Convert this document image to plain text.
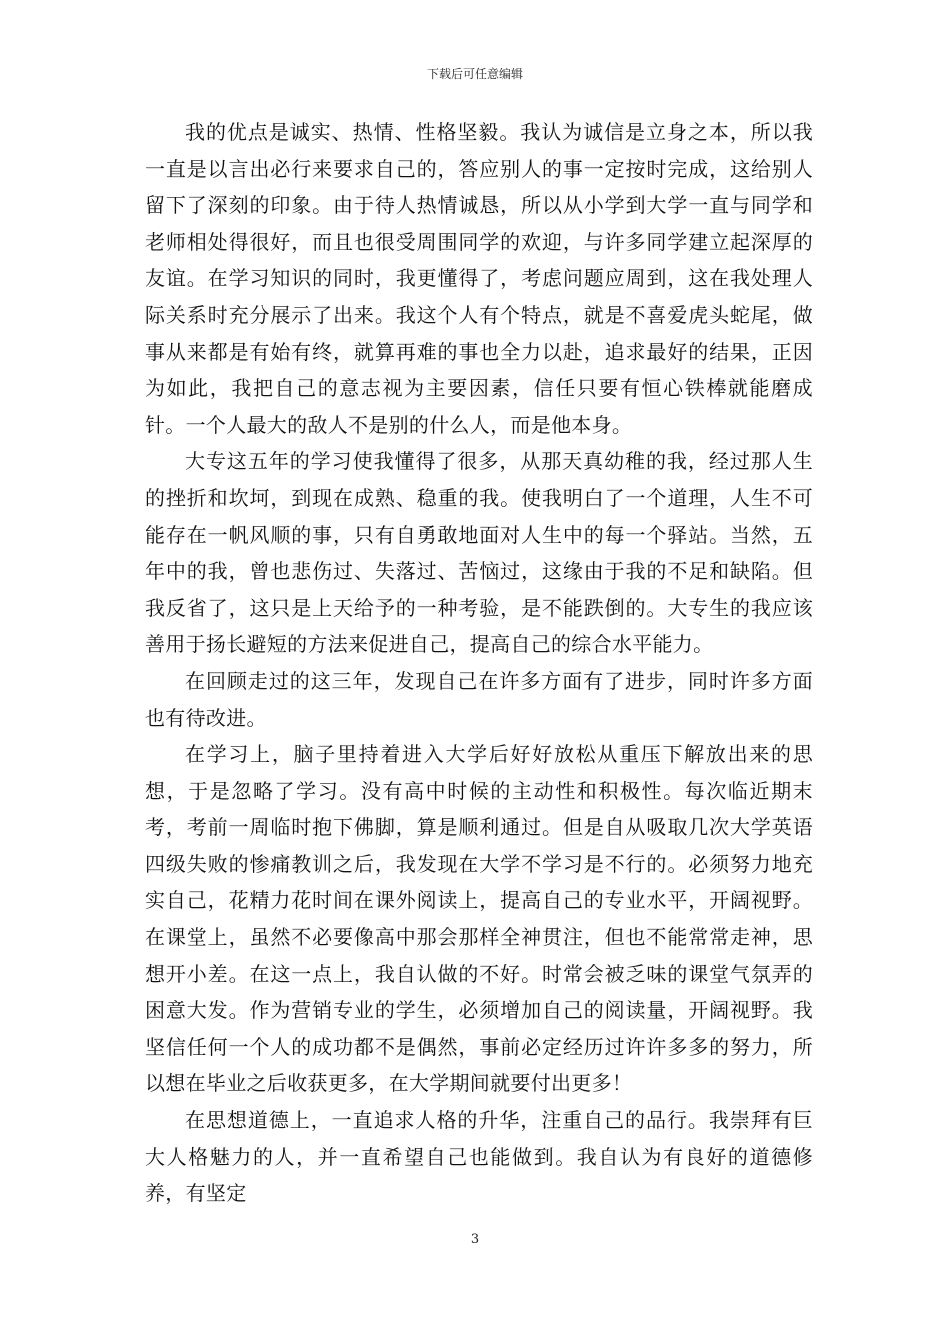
下载后可任意编辑

我的优点是诚实、热情、性格坚毅。我认为诚信是立身之本，所以我一直是以言出必行来要求自己的，答应别人的事一定按时完成，这给别人留下了深刻的印象。由于待人热情诚恳，所以从小学到大学一直与同学和老师相处得很好，而且也很受周围同学的欢迎，与许多同学建立起深厚的友谊。在学习知识的同时，我更懂得了，考虑问题应周到，这在我处理人际关系时充分展示了出来。我这个人有个特点，就是不喜爱虎头蛇尾，做事从来都是有始有终，就算再难的事也全力以赴，追求最好的结果，正因为如此，我把自己的意志视为主要因素，信任只要有恒心铁棒就能磨成针。一个人最大的敌人不是别的什么人，而是他本身。

大专这五年的学习使我懂得了很多，从那天真幼稚的我，经过那人生的挫折和坎坷，到现在成熟、稳重的我。使我明白了一个道理，人生不可能存在一帆风顺的事，只有自勇敢地面对人生中的每一个驿站。当然，五年中的我，曾也悲伤过、失落过、苦恼过，这缘由于我的不足和缺陷。但我反省了，这只是上天给予的一种考验，是不能跌倒的。大专生的我应该善用于扬长避短的方法来促进自己，提高自己的综合水平能力。

在回顾走过的这三年，发现自己在许多方面有了进步，同时许多方面也有待改进。

在学习上，脑子里持着进入大学后好好放松从重压下解放出来的思想，于是忽略了学习。没有高中时候的主动性和积极性。每次临近期末考，考前一周临时抱下佛脚，算是顺利通过。但是自从吸取几次大学英语四级失败的惨痛教训之后，我发现在大学不学习是不行的。必须努力地充实自己，花精力花时间在课外阅读上，提高自己的专业水平，开阔视野。在课堂上，虽然不必要像高中那会那样全神贯注，但也不能常常走神，思想开小差。在这一点上，我自认做的不好。时常会被乏味的课堂气氛弄的困意大发。作为营销专业的学生，必须增加自己的阅读量，开阔视野。我坚信任何一个人的成功都不是偶然，事前必定经历过许许多多的努力，所以想在毕业之后收获更多，在大学期间就要付出更多！

在思想道德上，一直追求人格的升华，注重自己的品行。我崇拜有巨大人格魅力的人，并一直希望自己也能做到。我自认为有良好的道德修养，有坚定

3
